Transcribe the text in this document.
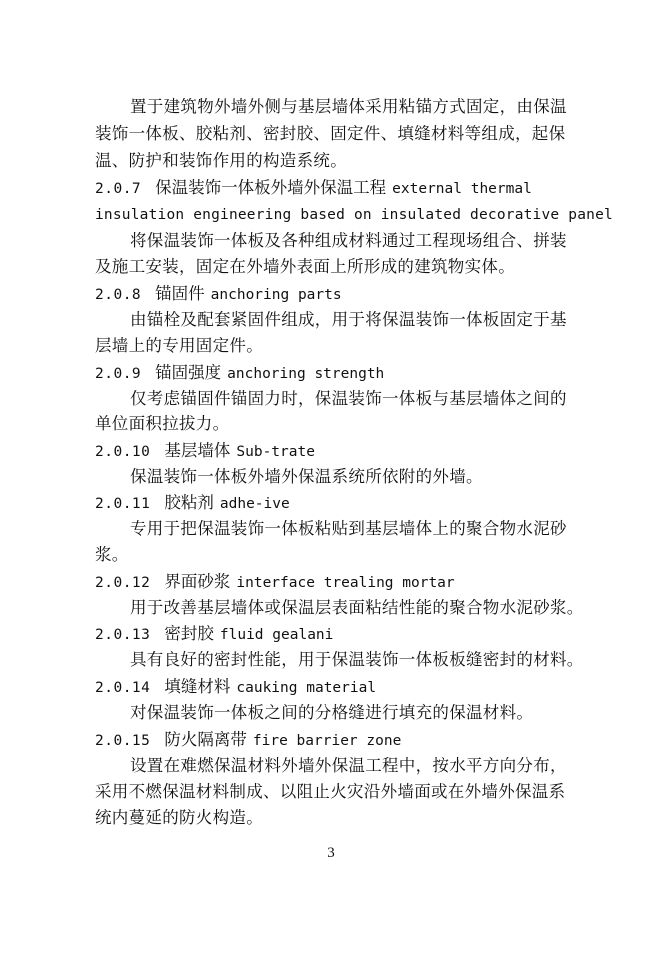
置于建筑物外墙外侧与基层墙体采用粘锚方式固定，由保温
装饰一体板、胶粘剂、密封胶、固定件、填缝材料等组成，起保
温、防护和装饰作用的构造系统。
2.0.7 保温装饰一体板外墙外保温工程 external thermal
insulation engineering based on insulated decorative panel
将保温装饰一体板及各种组成材料通过工程现场组合、拼装
及施工安装，固定在外墙外表面上所形成的建筑物实体。
2.0.8 锚固件 anchoring parts
由锚栓及配套紧固件组成，用于将保温装饰一体板固定于基
层墙上的专用固定件。
2.0.9 锚固强度 anchoring strength
仅考虑锚固件锚固力时，保温装饰一体板与基层墙体之间的
单位面积拉拔力。
2.0.10 基层墙体 Sub-trate
保温装饰一体板外墙外保温系统所依附的外墙。
2.0.11 胶粘剂 adhe-ive
专用于把保温装饰一体板粘贴到基层墙体上的聚合物水泥砂
浆。
2.0.12 界面砂浆 interface trealing mortar
用于改善基层墙体或保温层表面粘结性能的聚合物水泥砂浆。
2.0.13 密封胶 fluid gealani
具有良好的密封性能，用于保温装饰一体板板缝密封的材料。
2.0.14 填缝材料 cauking material
对保温装饰一体板之间的分格缝进行填充的保温材料。
2.0.15 防火隔离带 fire barrier zone
设置在难燃保温材料外墙外保温工程中，按水平方向分布，
采用不燃保温材料制成、以阻止火灾沿外墙面或在外墙外保温系
统内蔓延的防火构造。
3
